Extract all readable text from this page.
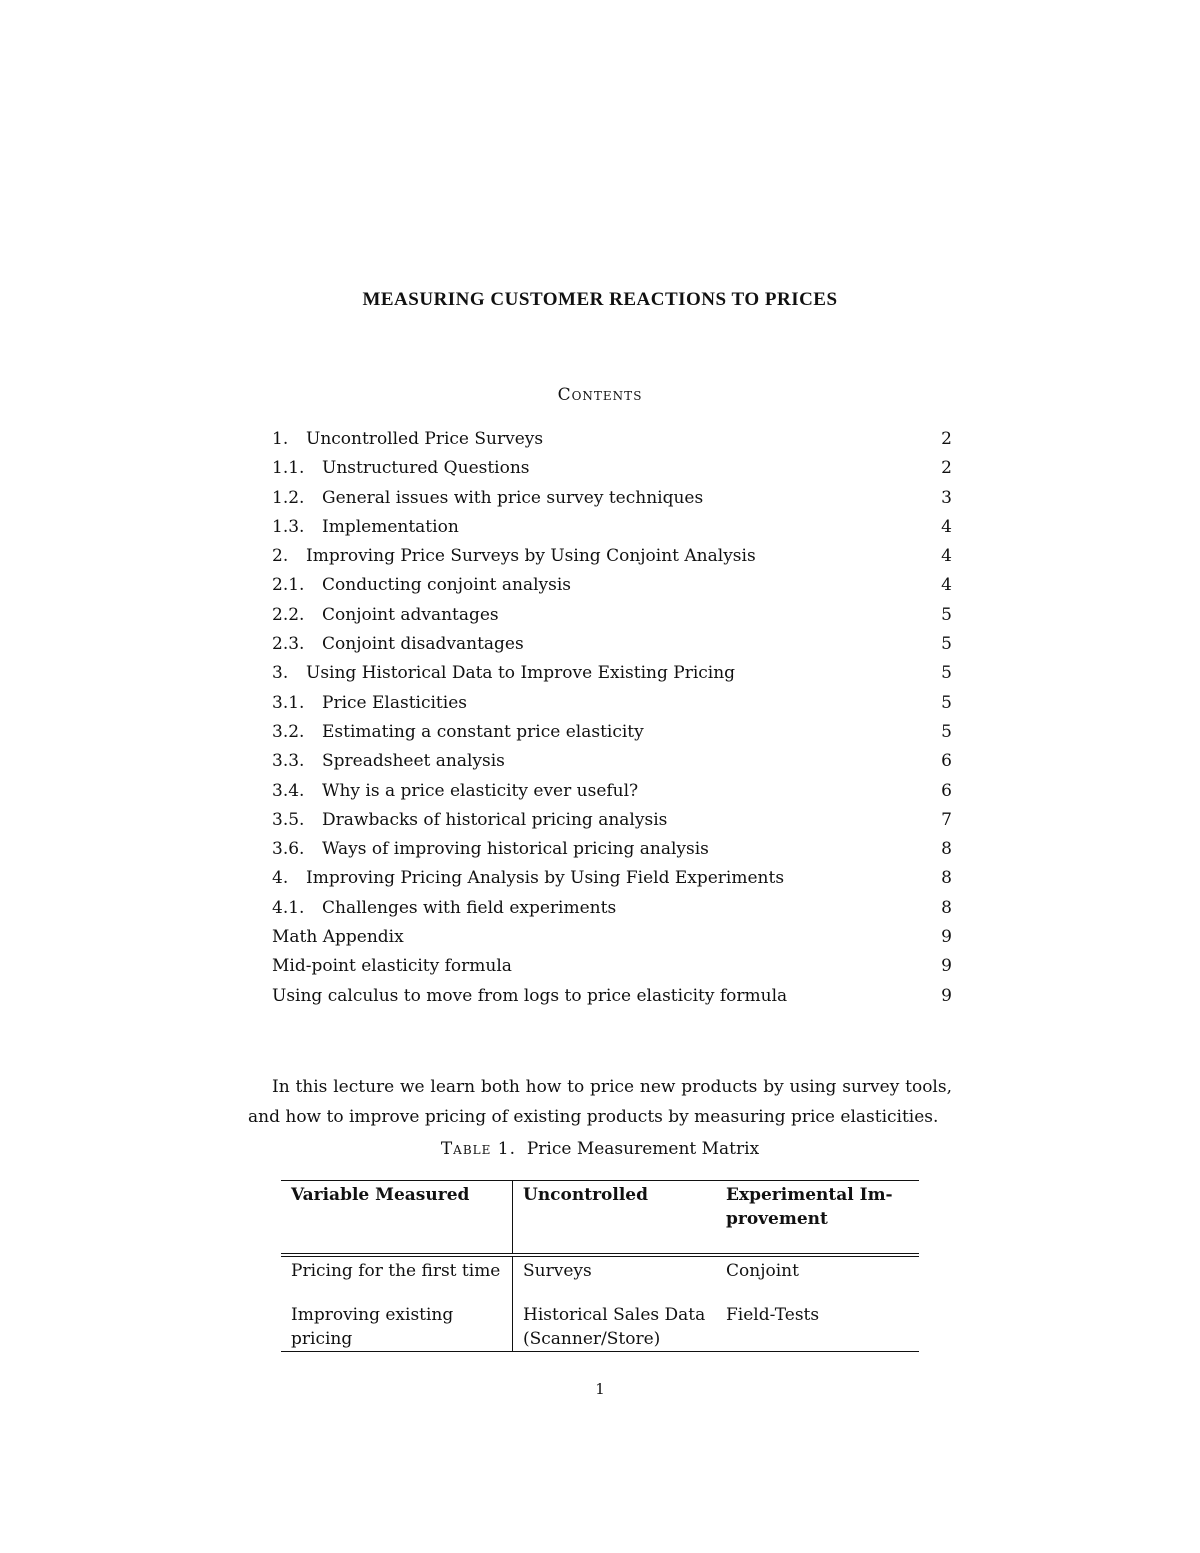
MEASURING CUSTOMER REACTIONS TO PRICES
Contents
1. Uncontrolled Price Surveys	2
1.1. Unstructured Questions	2
1.2. General issues with price survey techniques	3
1.3. Implementation	4
2. Improving Price Surveys by Using Conjoint Analysis	4
2.1. Conducting conjoint analysis	4
2.2. Conjoint advantages	5
2.3. Conjoint disadvantages	5
3. Using Historical Data to Improve Existing Pricing	5
3.1. Price Elasticities	5
3.2. Estimating a constant price elasticity	5
3.3. Spreadsheet analysis	6
3.4. Why is a price elasticity ever useful?	6
3.5. Drawbacks of historical pricing analysis	7
3.6. Ways of improving historical pricing analysis	8
4. Improving Pricing Analysis by Using Field Experiments	8
4.1. Challenges with field experiments	8
Math Appendix	9
Mid-point elasticity formula	9
Using calculus to move from logs to price elasticity formula	9

In this lecture we learn both how to price new products by using survey tools, and how to improve pricing of existing products by measuring price elasticities.

Table 1. Price Measurement Matrix
Variable Measured	Uncontrolled	Experimental Im-provement
Pricing for the first time	Surveys	Conjoint
Improving existing pricing	Historical Sales Data (Scanner/Store)	Field-Tests
1
